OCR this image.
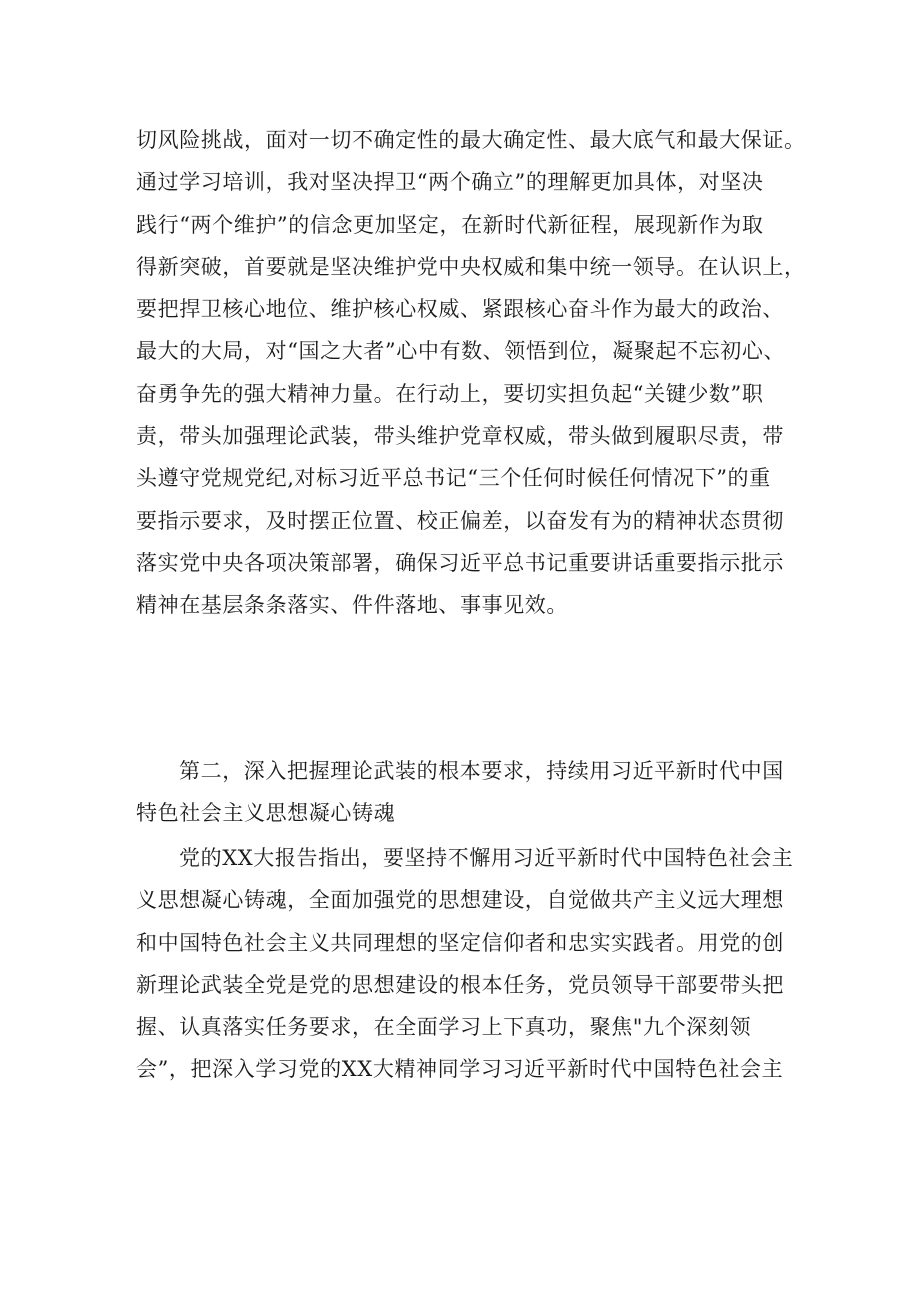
切风险挑战，面对一切不确定性的最大确定性、最大底气和最大保证。
通过学习培训，我对坚决捍卫“两个确立”的理解更加具体，对坚决
践行“两个维护”的信念更加坚定，在新时代新征程，展现新作为取
得新突破，首要就是坚决维护党中央权威和集中统一领导。在认识上，
要把捍卫核心地位、维护核心权威、紧跟核心奋斗作为最大的政治、
最大的大局，对“国之大者”心中有数、领悟到位，凝聚起不忘初心、
奋勇争先的强大精神力量。在行动上，要切实担负起“关键少数”职
责，带头加强理论武装，带头维护党章权威，带头做到履职尽责，带
头遵守党规党纪,对标习近平总书记“三个任何时候任何情况下”的重
要指示要求，及时摆正位置、校正偏差，以奋发有为的精神状态贯彻
落实党中央各项决策部署，确保习近平总书记重要讲话重要指示批示
精神在基层条条落实、件件落地、事事见效。
第二，深入把握理论武装的根本要求，持续用习近平新时代中国
特色社会主义思想凝心铸魂
党的XX大报告指出，要坚持不懈用习近平新时代中国特色社会主
义思想凝心铸魂，全面加强党的思想建设，自觉做共产主义远大理想
和中国特色社会主义共同理想的坚定信仰者和忠实实践者。用党的创
新理论武装全党是党的思想建设的根本任务，党员领导干部要带头把
握、认真落实任务要求，在全面学习上下真功，聚焦"九个深刻领
会”，把深入学习党的XX大精神同学习习近平新时代中国特色社会主
